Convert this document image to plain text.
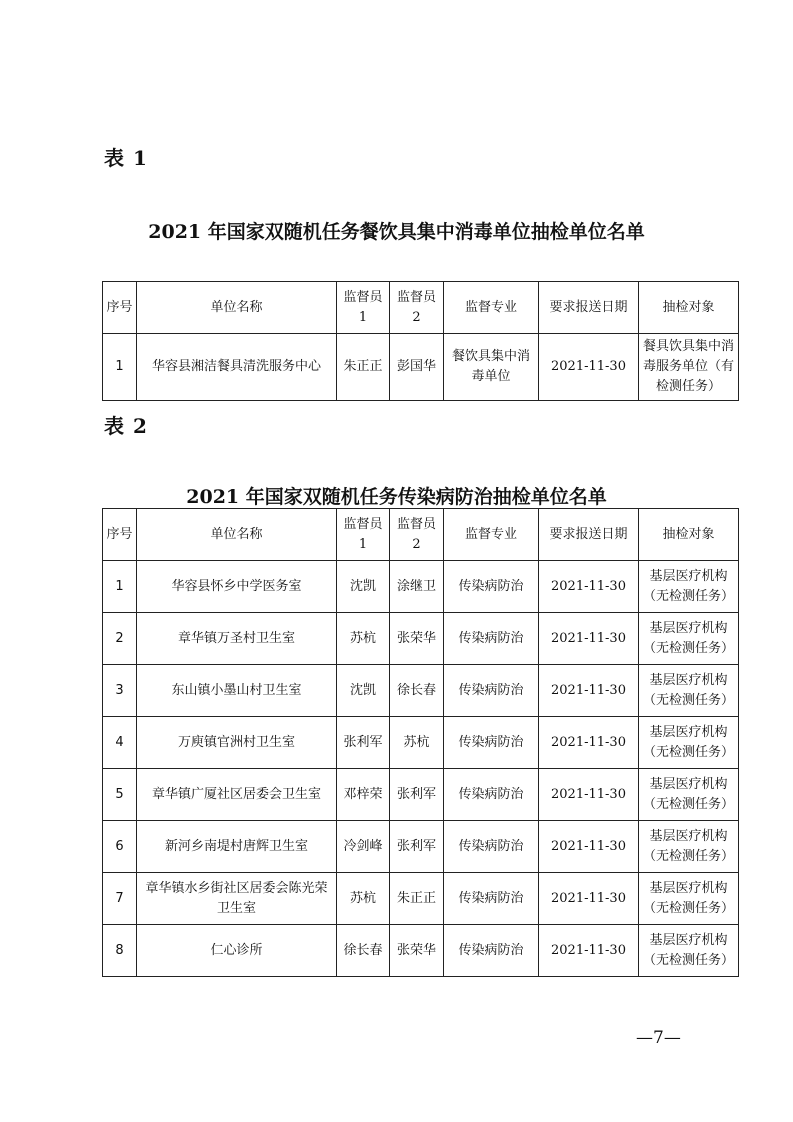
表 1
2021 年国家双随机任务餐饮具集中消毒单位抽检单位名单
序号	单位名称	监督员 1	监督员 2	监督专业	要求报送日期	抽检对象
1	华容县湘洁餐具清洗服务中心	朱正正	彭国华	餐饮具集中消毒单位	2021-11-30	餐具饮具集中消毒服务单位（有检测任务）
表 2
2021 年国家双随机任务传染病防治抽检单位名单
序号	单位名称	监督员 1	监督员 2	监督专业	要求报送日期	抽检对象
1	华容县怀乡中学医务室	沈凯	涂继卫	传染病防治	2021-11-30	基层医疗机构（无检测任务）
2	章华镇万圣村卫生室	苏杭	张荣华	传染病防治	2021-11-30	基层医疗机构（无检测任务）
3	东山镇小墨山村卫生室	沈凯	徐长春	传染病防治	2021-11-30	基层医疗机构（无检测任务）
4	万庾镇官洲村卫生室	张利军	苏杭	传染病防治	2021-11-30	基层医疗机构（无检测任务）
5	章华镇广厦社区居委会卫生室	邓梓荣	张利军	传染病防治	2021-11-30	基层医疗机构（无检测任务）
6	新河乡南堤村唐辉卫生室	冷剑峰	张利军	传染病防治	2021-11-30	基层医疗机构（无检测任务）
7	章华镇水乡街社区居委会陈光荣卫生室	苏杭	朱正正	传染病防治	2021-11-30	基层医疗机构（无检测任务）
8	仁心诊所	徐长春	张荣华	传染病防治	2021-11-30	基层医疗机构（无检测任务）
—7—
